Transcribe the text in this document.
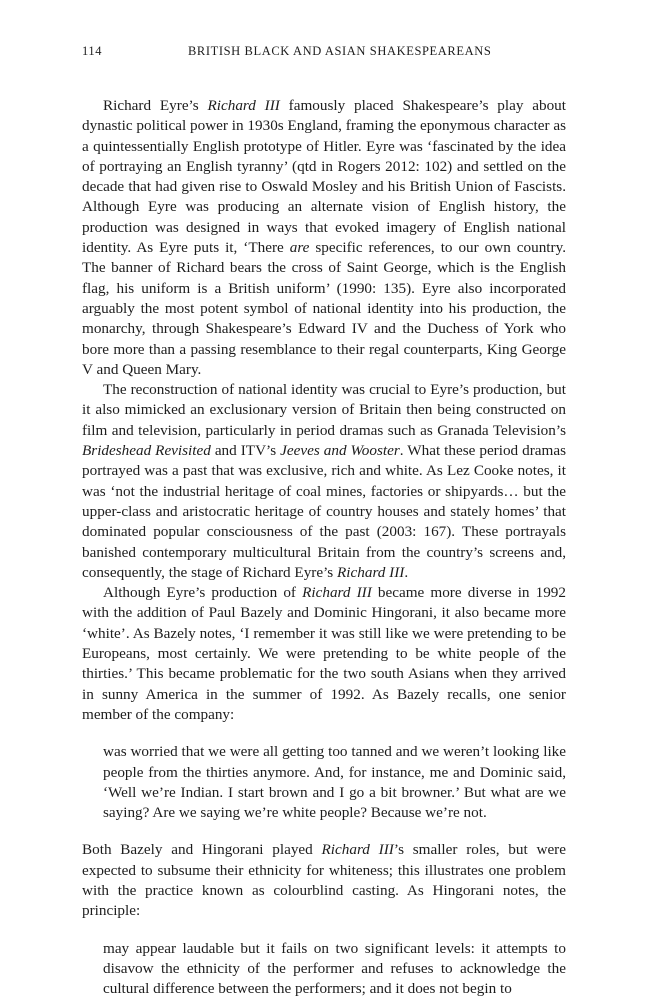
114	BRITISH BLACK AND ASIAN SHAKESPEAREANS

Richard Eyre’s Richard III famously placed Shakespeare’s play about dynastic political power in 1930s England, framing the eponymous character as a quintessentially English prototype of Hitler. Eyre was ‘fascinated by the idea of portraying an English tyranny’ (qtd in Rogers 2012: 102) and settled on the decade that had given rise to Oswald Mosley and his British Union of Fascists. Although Eyre was producing an alternate vision of English history, the production was designed in ways that evoked imagery of English national identity. As Eyre puts it, ‘There are specific references, to our own country. The banner of Richard bears the cross of Saint George, which is the English flag, his uniform is a British uniform’ (1990: 135). Eyre also incorporated arguably the most potent symbol of national identity into his production, the monarchy, through Shakespeare’s Edward IV and the Duchess of York who bore more than a passing resemblance to their regal counterparts, King George V and Queen Mary.

The reconstruction of national identity was crucial to Eyre’s production, but it also mimicked an exclusionary version of Britain then being constructed on film and television, particularly in period dramas such as Granada Television’s Brideshead Revisited and ITV’s Jeeves and Wooster. What these period dramas portrayed was a past that was exclusive, rich and white. As Lez Cooke notes, it was ‘not the industrial heritage of coal mines, factories or shipyards… but the upper-class and aristocratic heritage of country houses and stately homes’ that dominated popular consciousness of the past (2003: 167). These portrayals banished contemporary multicultural Britain from the country’s screens and, consequently, the stage of Richard Eyre’s Richard III.

Although Eyre’s production of Richard III became more diverse in 1992 with the addition of Paul Bazely and Dominic Hingorani, it also became more ‘white’. As Bazely notes, ‘I remember it was still like we were pretending to be Europeans, most certainly. We were pretending to be white people of the thirties.’ This became problematic for the two south Asians when they arrived in sunny America in the summer of 1992. As Bazely recalls, one senior member of the company:

was worried that we were all getting too tanned and we weren’t looking like people from the thirties anymore. And, for instance, me and Dominic said, ‘Well we’re Indian. I start brown and I go a bit browner.’ But what are we saying? Are we saying we’re white people? Because we’re not.

Both Bazely and Hingorani played Richard III’s smaller roles, but were expected to subsume their ethnicity for whiteness; this illustrates one problem with the practice known as colourblind casting. As Hingorani notes, the principle:

may appear laudable but it fails on two significant levels: it attempts to disavow the ethnicity of the performer and refuses to acknowledge the cultural difference between the performers; and it does not begin to
